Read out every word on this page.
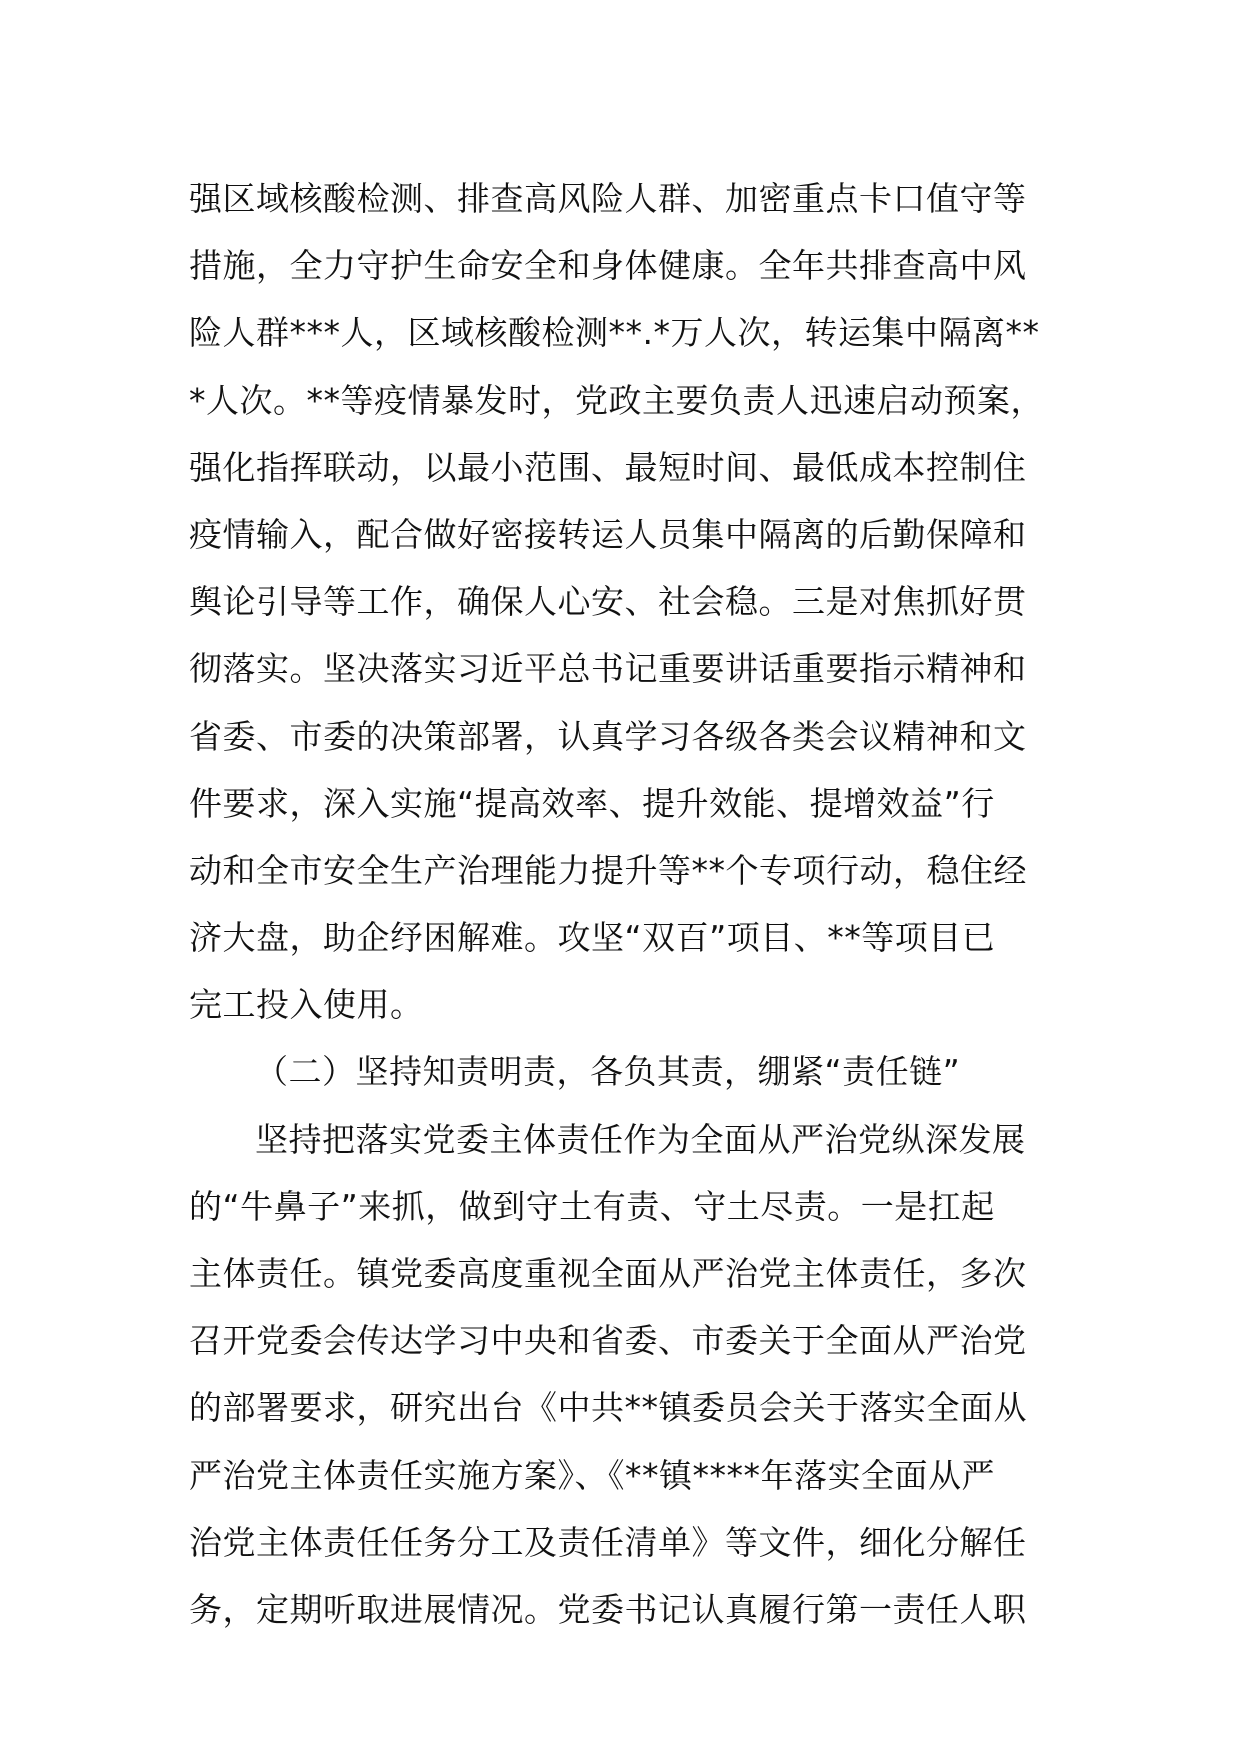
强区域核酸检测、排查高风险人群、加密重点卡口值守等
措施，全力守护生命安全和身体健康。全年共排查高中风
险人群***人，区域核酸检测**.*万人次，转运集中隔离**
*人次。**等疫情暴发时，党政主要负责人迅速启动预案，
强化指挥联动，以最小范围、最短时间、最低成本控制住
疫情输入，配合做好密接转运人员集中隔离的后勤保障和
舆论引导等工作，确保人心安、社会稳。三是对焦抓好贯
彻落实。坚决落实习近平总书记重要讲话重要指示精神和
省委、市委的决策部署，认真学习各级各类会议精神和文
件要求，深入实施“提高效率、提升效能、提增效益”行
动和全市安全生产治理能力提升等**个专项行动，稳住经
济大盘，助企纾困解难。攻坚“双百”项目、**等项目已
完工投入使用。
（二）坚持知责明责，各负其责，绷紧“责任链”
坚持把落实党委主体责任作为全面从严治党纵深发展
的“牛鼻子”来抓，做到守土有责、守土尽责。一是扛起
主体责任。镇党委高度重视全面从严治党主体责任，多次
召开党委会传达学习中央和省委、市委关于全面从严治党
的部署要求，研究出台《中共**镇委员会关于落实全面从
严治党主体责任实施方案》、《**镇****年落实全面从严
治党主体责任任务分工及责任清单》等文件，细化分解任
务，定期听取进展情况。党委书记认真履行第一责任人职
